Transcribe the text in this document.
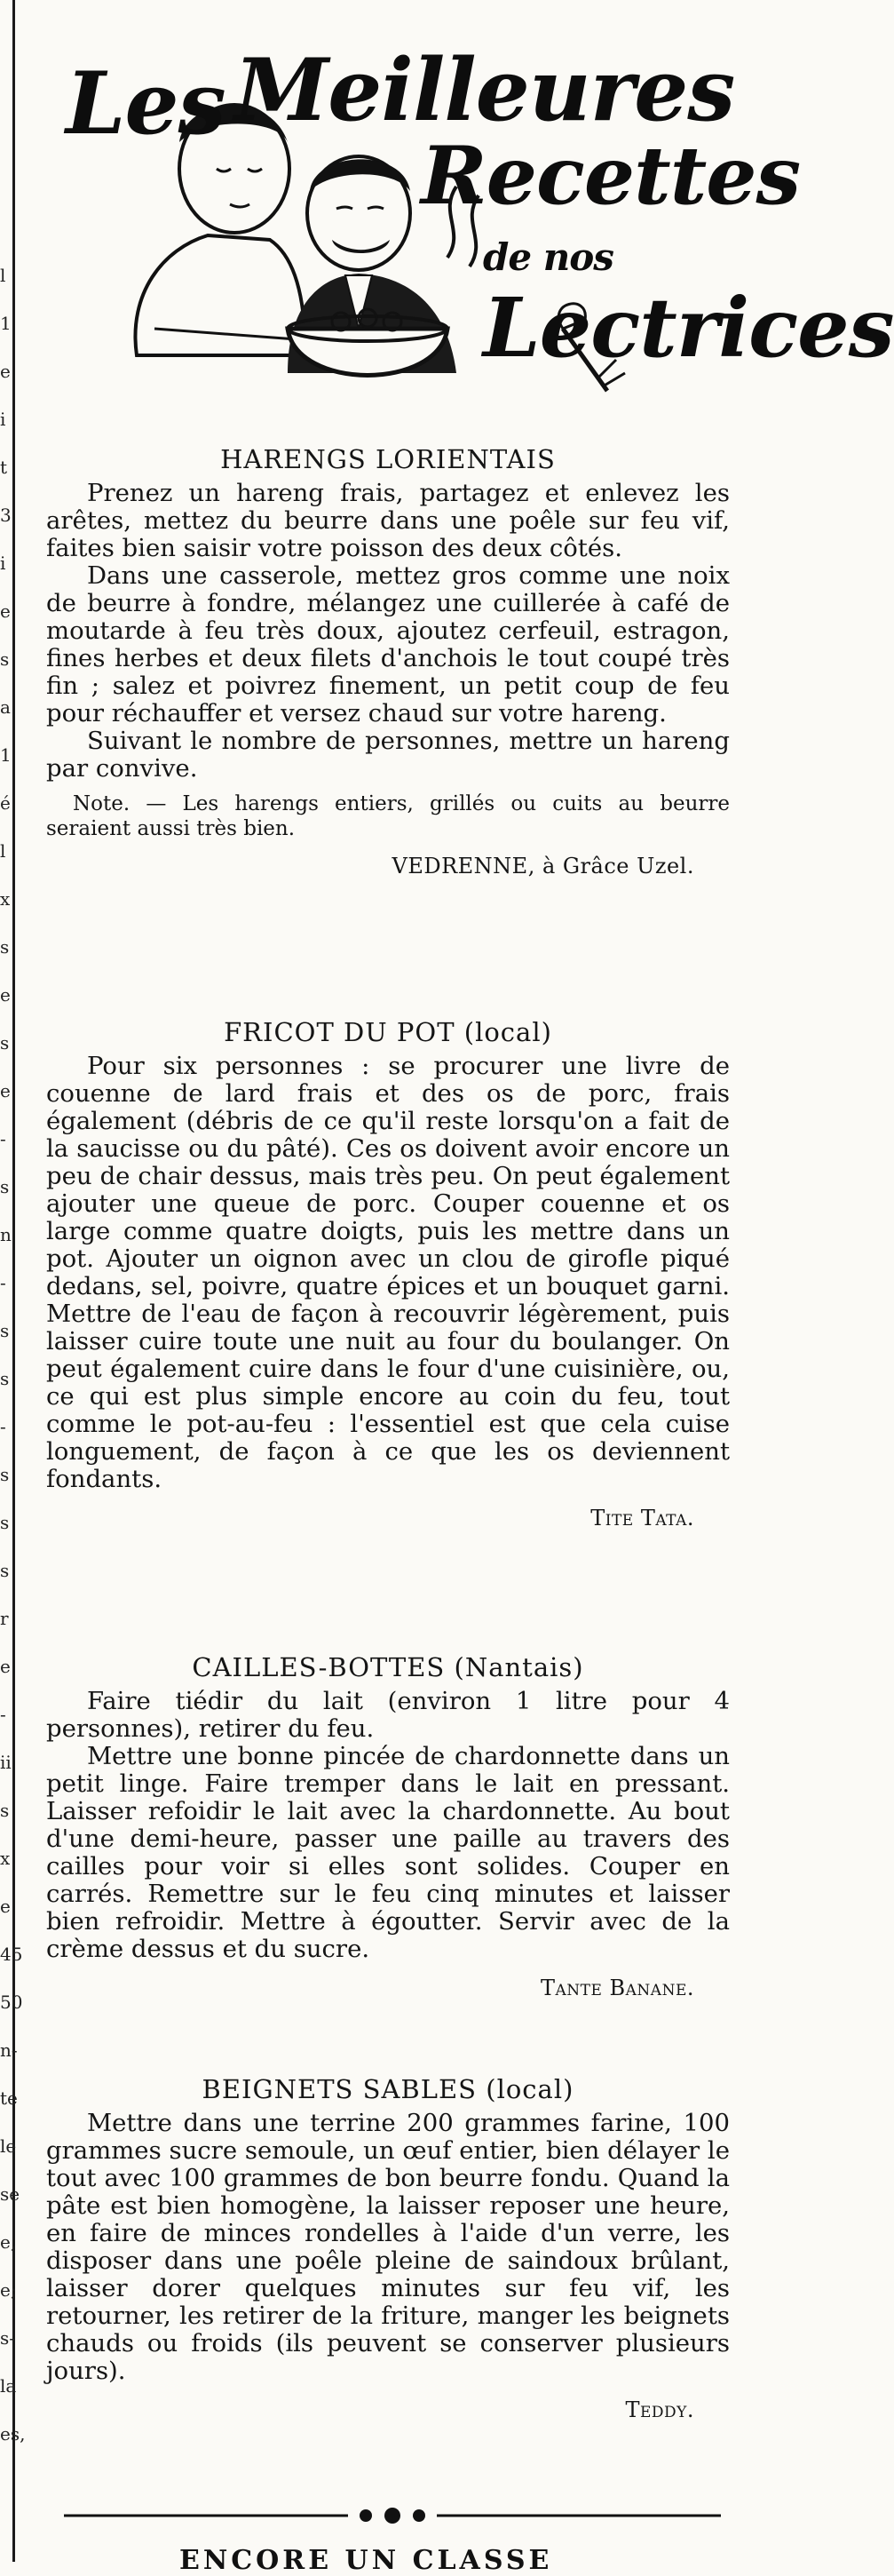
l
1
e
i
t
3
i
e
s
a
1
é
l
x
s
e
s
e
-
s
n
-
s
s
-
s
s
s
r
e
-
ii
s
x
e
45
50
n-
te
le
se
e,
e;
s-
la
es,
Les Meilleures
Recettes
de nos
Lectrices
HARENGS LORIENTAIS

Prenez un hareng frais, partagez et enlevez les arêtes, mettez du beurre dans une poêle sur feu vif, faites bien saisir votre poisson des deux côtés.

Dans une casserole, mettez gros comme une noix de beurre à fondre, mélangez une cuillerée à café de moutarde à feu très doux, ajoutez cerfeuil, estragon, fines herbes et deux filets d'anchois le tout coupé très fin ; salez et poivrez finement, un petit coup de feu pour réchauffer et versez chaud sur votre hareng.

Suivant le nombre de personnes, mettre un hareng par convive.

Note. — Les harengs entiers, grillés ou cuits au beurre seraient aussi très bien.

VEDRENNE, à Grâce Uzel.
FRICOT DU POT (local)

Pour six personnes : se procurer une livre de couenne de lard frais et des os de porc, frais également (débris de ce qu'il reste lorsqu'on a fait de la saucisse ou du pâté). Ces os doivent avoir encore un peu de chair dessus, mais très peu. On peut également ajouter une queue de porc. Couper couenne et os large comme quatre doigts, puis les mettre dans un pot. Ajouter un oignon avec un clou de girofle piqué dedans, sel, poivre, quatre épices et un bouquet garni. Mettre de l'eau de façon à recouvrir légèrement, puis laisser cuire toute une nuit au four du boulanger. On peut également cuire dans le four d'une cuisinière, ou, ce qui est plus simple encore au coin du feu, tout comme le pot-au-feu : l'essentiel est que cela cuise longuement, de façon à ce que les os deviennent fondants.

Tite Tata.
CAILLES-BOTTES (Nantais)

Faire tiédir du lait (environ 1 litre pour 4 personnes), retirer du feu.

Mettre une bonne pincée de chardonnette dans un petit linge. Faire tremper dans le lait en pressant. Laisser refoidir le lait avec la chardonnette. Au bout d'une demi-heure, passer une paille au travers des cailles pour voir si elles sont solides. Couper en carrés. Remettre sur le feu cinq minutes et laisser bien refroidir. Mettre à égoutter. Servir avec de la crème dessus et du sucre.

Tante Banane.
BEIGNETS SABLES (local)

Mettre dans une terrine 200 grammes farine, 100 grammes sucre semoule, un œuf entier, bien délayer le tout avec 100 grammes de bon beurre fondu. Quand la pâte est bien homogène, la laisser reposer une heure, en faire de minces rondelles à l'aide d'un verre, les disposer dans une poêle pleine de saindoux brûlant, laisser dorer quelques minutes sur feu vif, les retourner, les retirer de la friture, manger les beignets chauds ou froids (ils peuvent se conserver plusieurs jours).

Teddy.
ENCORE UN CLASSE
